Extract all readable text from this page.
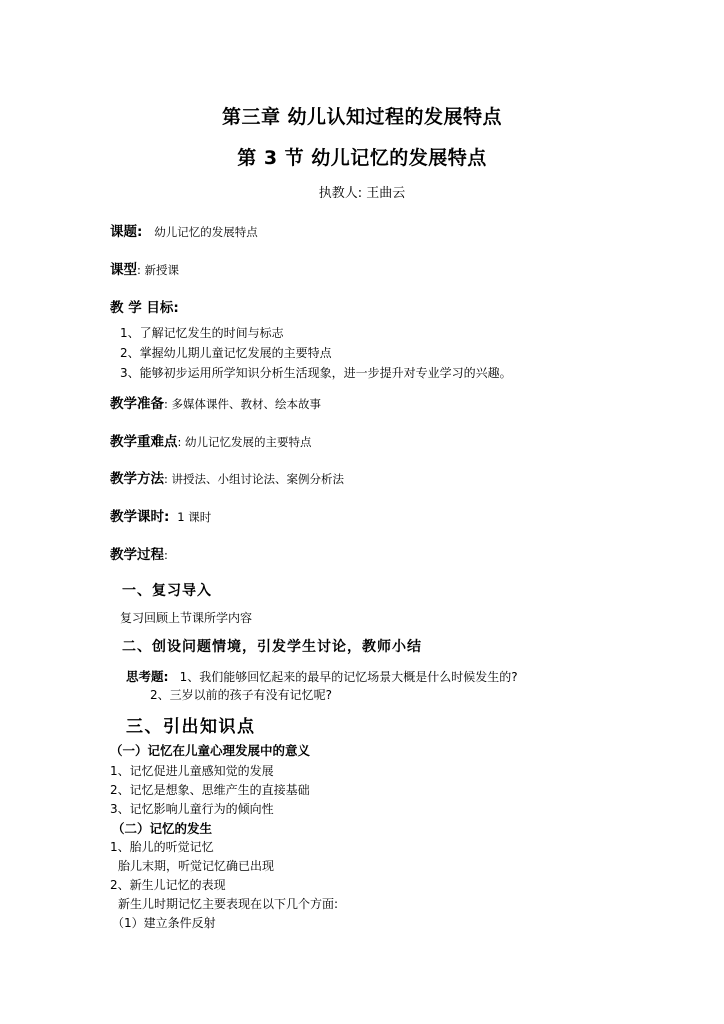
第三章 幼儿认知过程的发展特点
第 3 节 幼儿记忆的发展特点
执教人: 王曲云
课题: 幼儿记忆的发展特点
课型: 新授课
教 学 目标:
1、了解记忆发生的时间与标志
2、掌握幼儿期儿童记忆发展的主要特点
3、能够初步运用所学知识分析生活现象，进一步提升对专业学习的兴趣。
教学准备: 多媒体课件、教材、绘本故事
教学重难点: 幼儿记忆发展的主要特点
教学方法: 讲授法、小组讨论法、案例分析法
教学课时: 1 课时
教学过程:
一、复习导入
复习回顾上节课所学内容
二、创设问题情境，引发学生讨论，教师小结
思考题: 1、我们能够回忆起来的最早的记忆场景大概是什么时候发生的?
2、三岁以前的孩子有没有记忆呢?
三、引出知识点
（一）记忆在儿童心理发展中的意义
1、记忆促进儿童感知觉的发展
2、记忆是想象、思维产生的直接基础
3、记忆影响儿童行为的倾向性
（二）记忆的发生
1、胎儿的听觉记忆
胎儿末期，听觉记忆确已出现
2、新生儿记忆的表现
新生儿时期记忆主要表现在以下几个方面:
（1）建立条件反射
